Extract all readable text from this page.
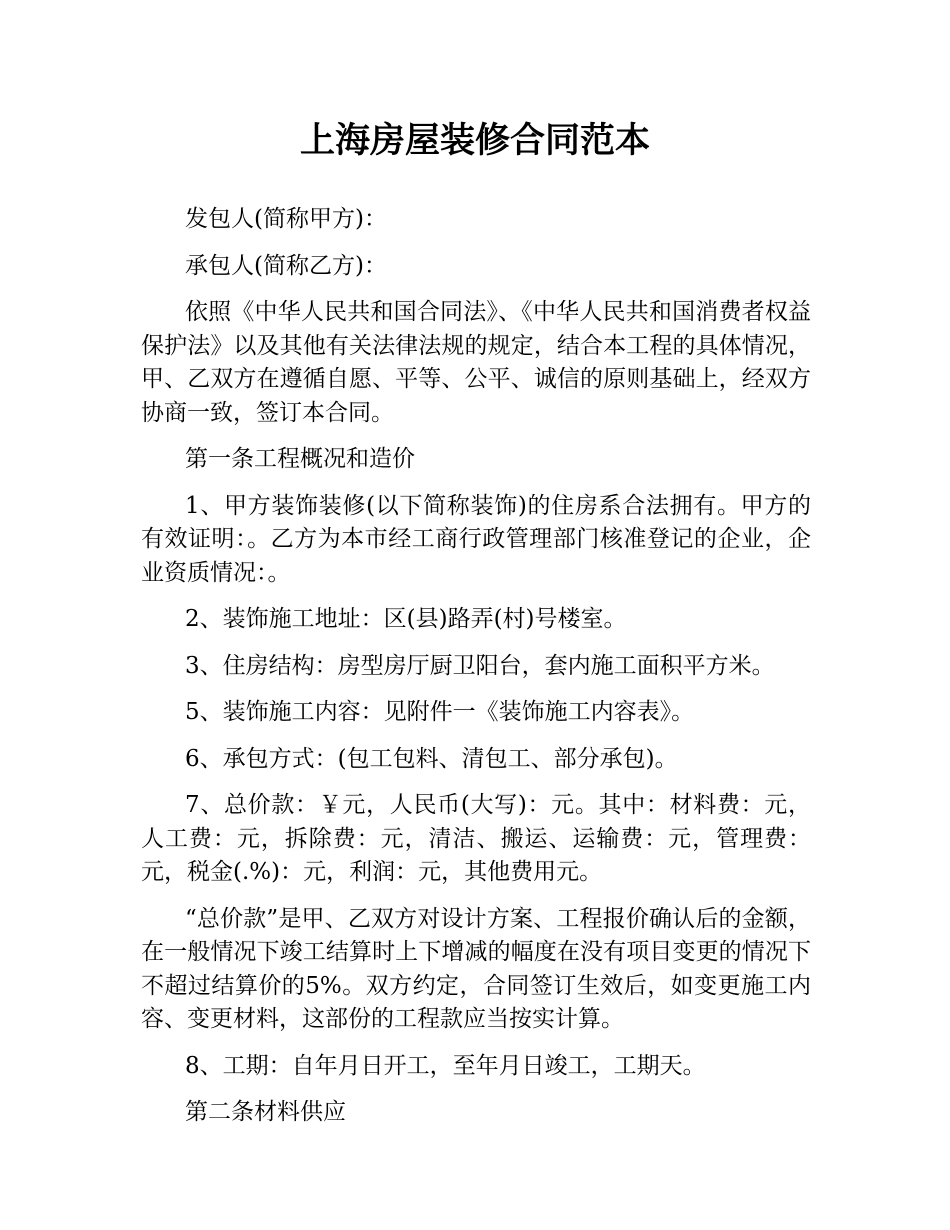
上海房屋装修合同范本

发包人(简称甲方)：

承包人(简称乙方)：

依照《中华人民共和国合同法》、《中华人民共和国消费者权益保护法》以及其他有关法律法规的规定，结合本工程的具体情况，甲、乙双方在遵循自愿、平等、公平、诚信的原则基础上，经双方协商一致，签订本合同。

第一条工程概况和造价

1、甲方装饰装修(以下简称装饰)的住房系合法拥有。甲方的有效证明：。乙方为本市经工商行政管理部门核准登记的企业，企业资质情况：。

2、装饰施工地址：区(县)路弄(村)号楼室。

3、住房结构：房型房厅厨卫阳台，套内施工面积平方米。

5、装饰施工内容：见附件一《装饰施工内容表》。

6、承包方式：(包工包料、清包工、部分承包)。

7、总价款：￥元，人民币(大写)：元。其中：材料费：元，人工费：元，拆除费：元，清洁、搬运、运输费：元，管理费：元，税金(.%)：元，利润：元，其他费用元。

“总价款”是甲、乙双方对设计方案、工程报价确认后的金额，在一般情况下竣工结算时上下增减的幅度在没有项目变更的情况下不超过结算价的5%。双方约定，合同签订生效后，如变更施工内容、变更材料，这部份的工程款应当按实计算。

8、工期：自年月日开工，至年月日竣工，工期天。

第二条材料供应
